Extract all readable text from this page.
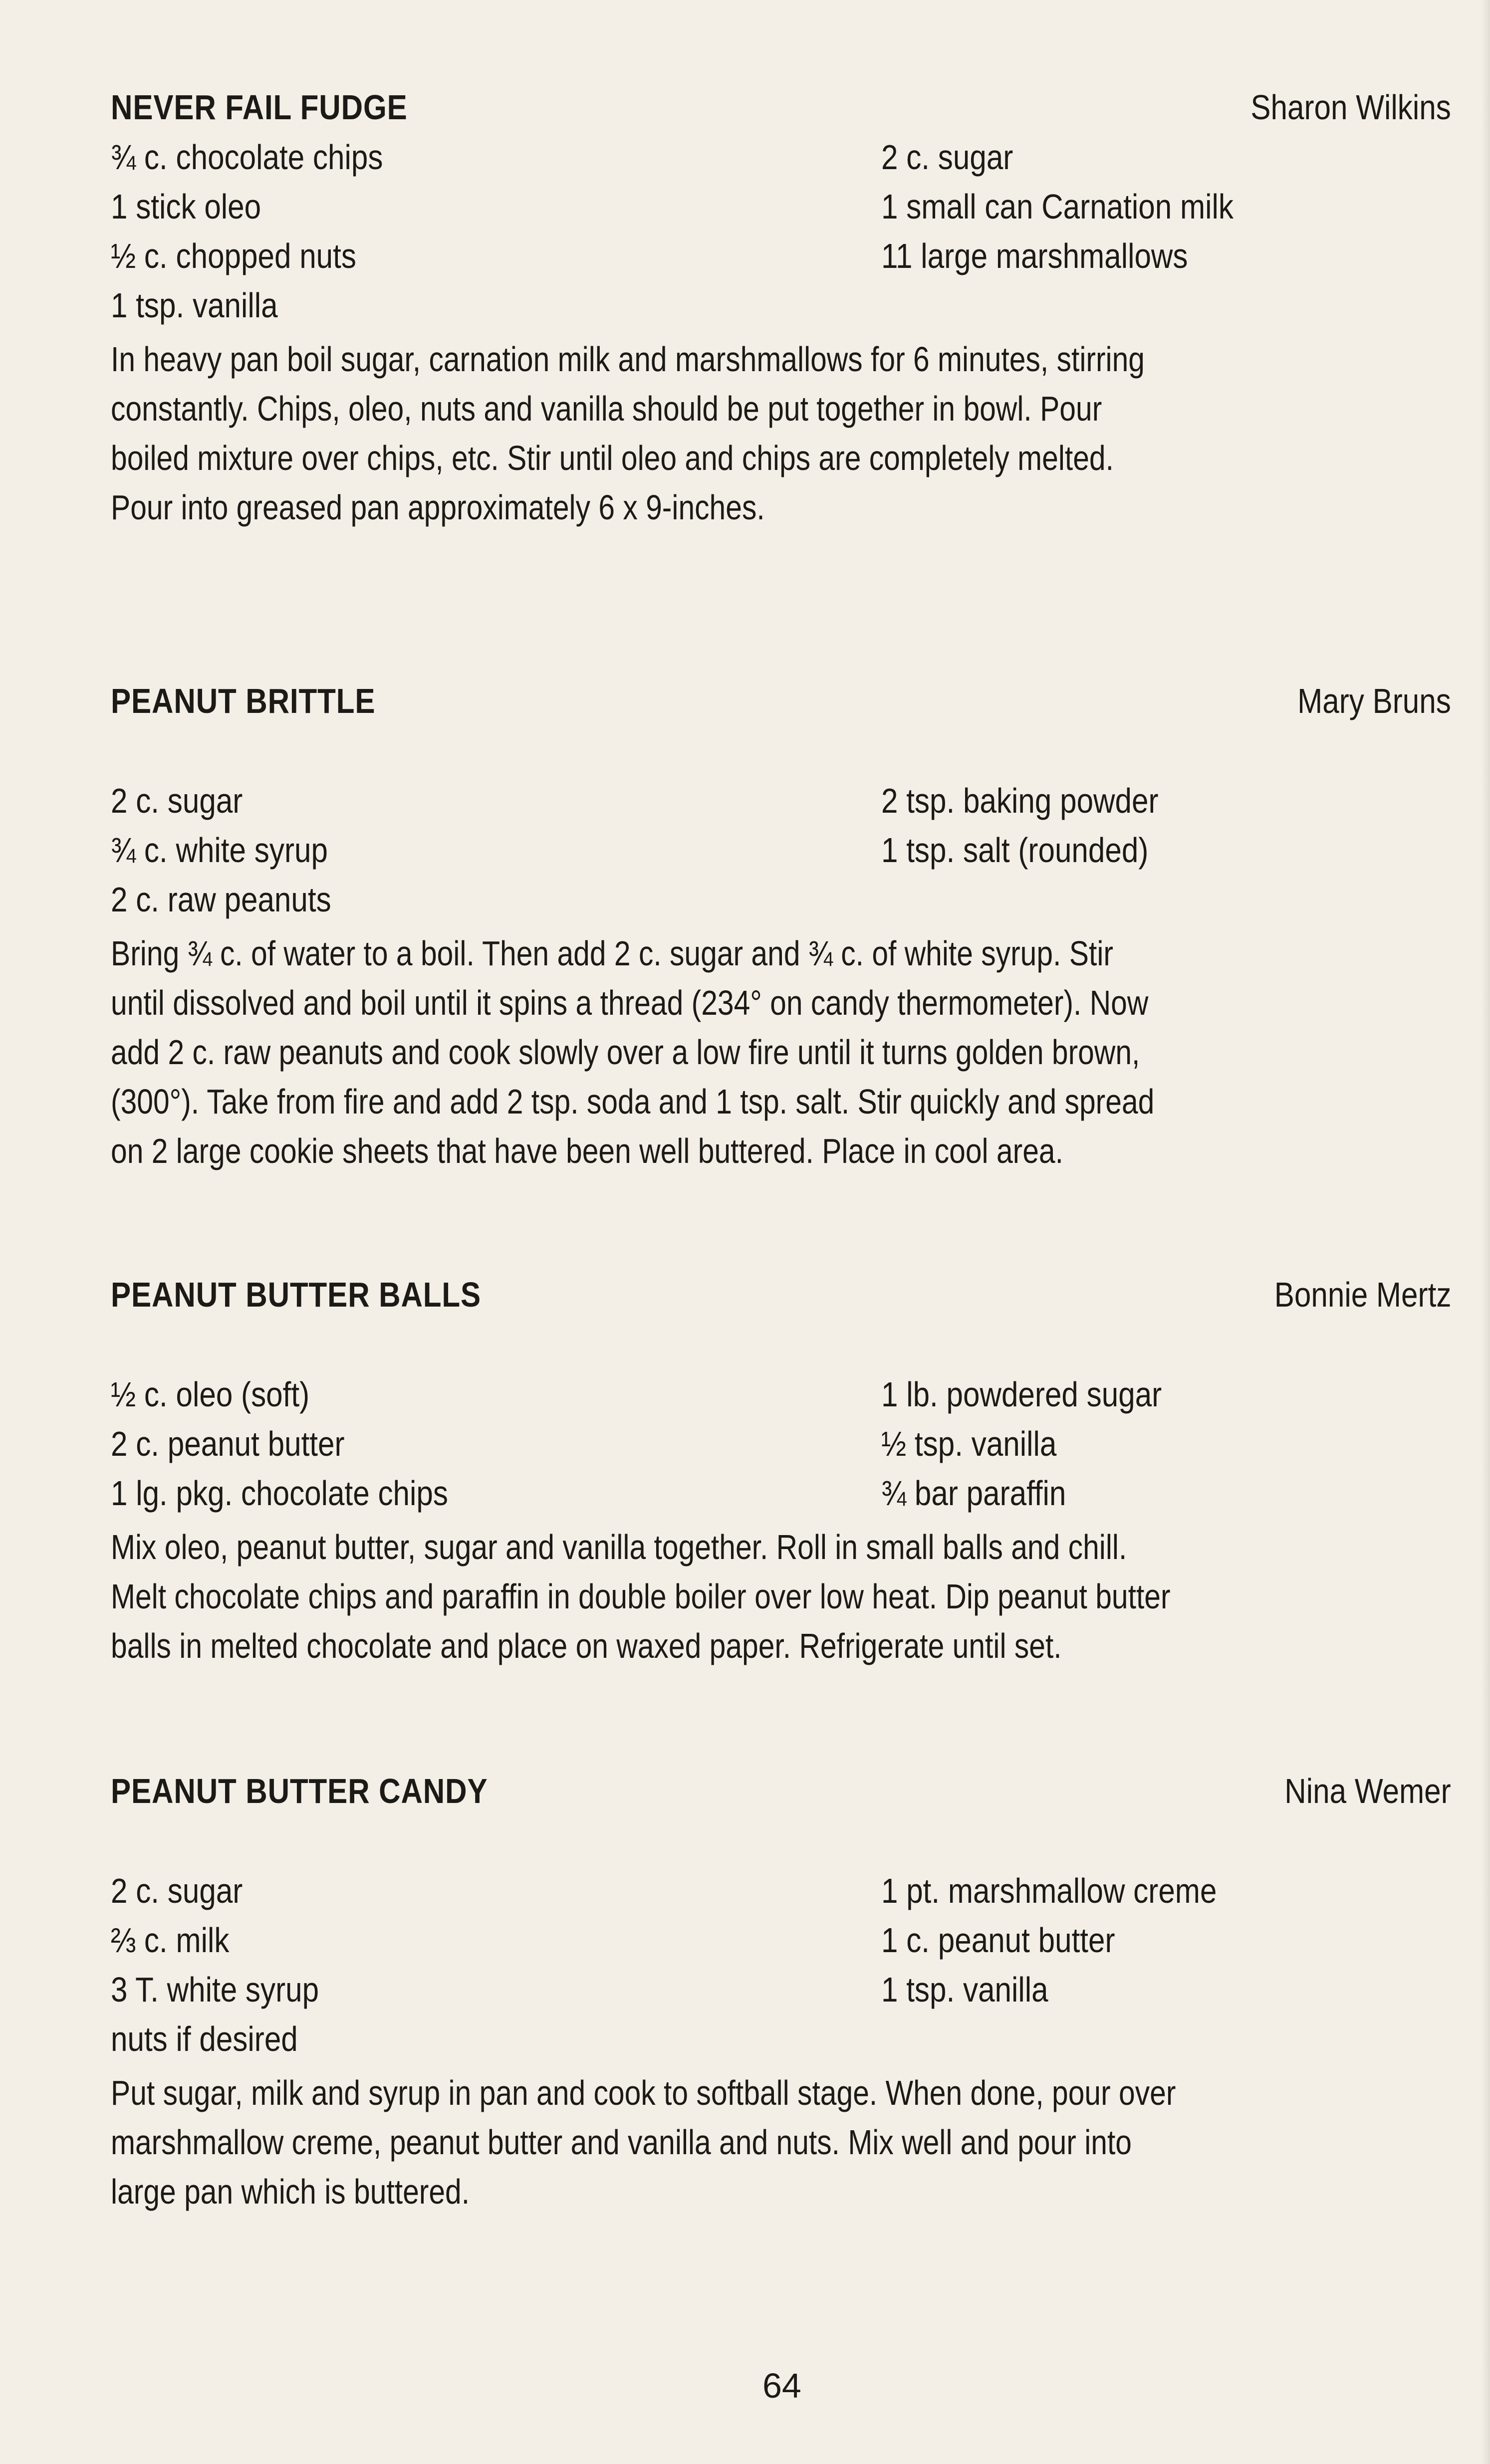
NEVER FAIL FUDGE	Sharon Wilkins
¾ c. chocolate chips	2 c. sugar
1 stick oleo	1 small can Carnation milk
½ c. chopped nuts	11 large marshmallows
1 tsp. vanilla

In heavy pan boil sugar, carnation milk and marshmallows for 6 minutes, stirring
constantly. Chips, oleo, nuts and vanilla should be put together in bowl. Pour
boiled mixture over chips, etc. Stir until oleo and chips are completely melted.
Pour into greased pan approximately 6 x 9-inches.

PEANUT BRITTLE	Mary Bruns
2 c. sugar	2 tsp. baking powder
¾ c. white syrup	1 tsp. salt (rounded)
2 c. raw peanuts

Bring ¾ c. of water to a boil. Then add 2 c. sugar and ¾ c. of white syrup. Stir
until dissolved and boil until it spins a thread (234° on candy thermometer). Now
add 2 c. raw peanuts and cook slowly over a low fire until it turns golden brown,
(300°). Take from fire and add 2 tsp. soda and 1 tsp. salt. Stir quickly and spread
on 2 large cookie sheets that have been well buttered. Place in cool area.

PEANUT BUTTER BALLS	Bonnie Mertz
½ c. oleo (soft)	1 lb. powdered sugar
2 c. peanut butter	½ tsp. vanilla
1 lg. pkg. chocolate chips	¾ bar paraffin

Mix oleo, peanut butter, sugar and vanilla together. Roll in small balls and chill.
Melt chocolate chips and paraffin in double boiler over low heat. Dip peanut butter
balls in melted chocolate and place on waxed paper. Refrigerate until set.

PEANUT BUTTER CANDY	Nina Wemer
2 c. sugar	1 pt. marshmallow creme
⅔ c. milk	1 c. peanut butter
3 T. white syrup	1 tsp. vanilla
nuts if desired

Put sugar, milk and syrup in pan and cook to softball stage. When done, pour over
marshmallow creme, peanut butter and vanilla and nuts. Mix well and pour into
large pan which is buttered.

64
